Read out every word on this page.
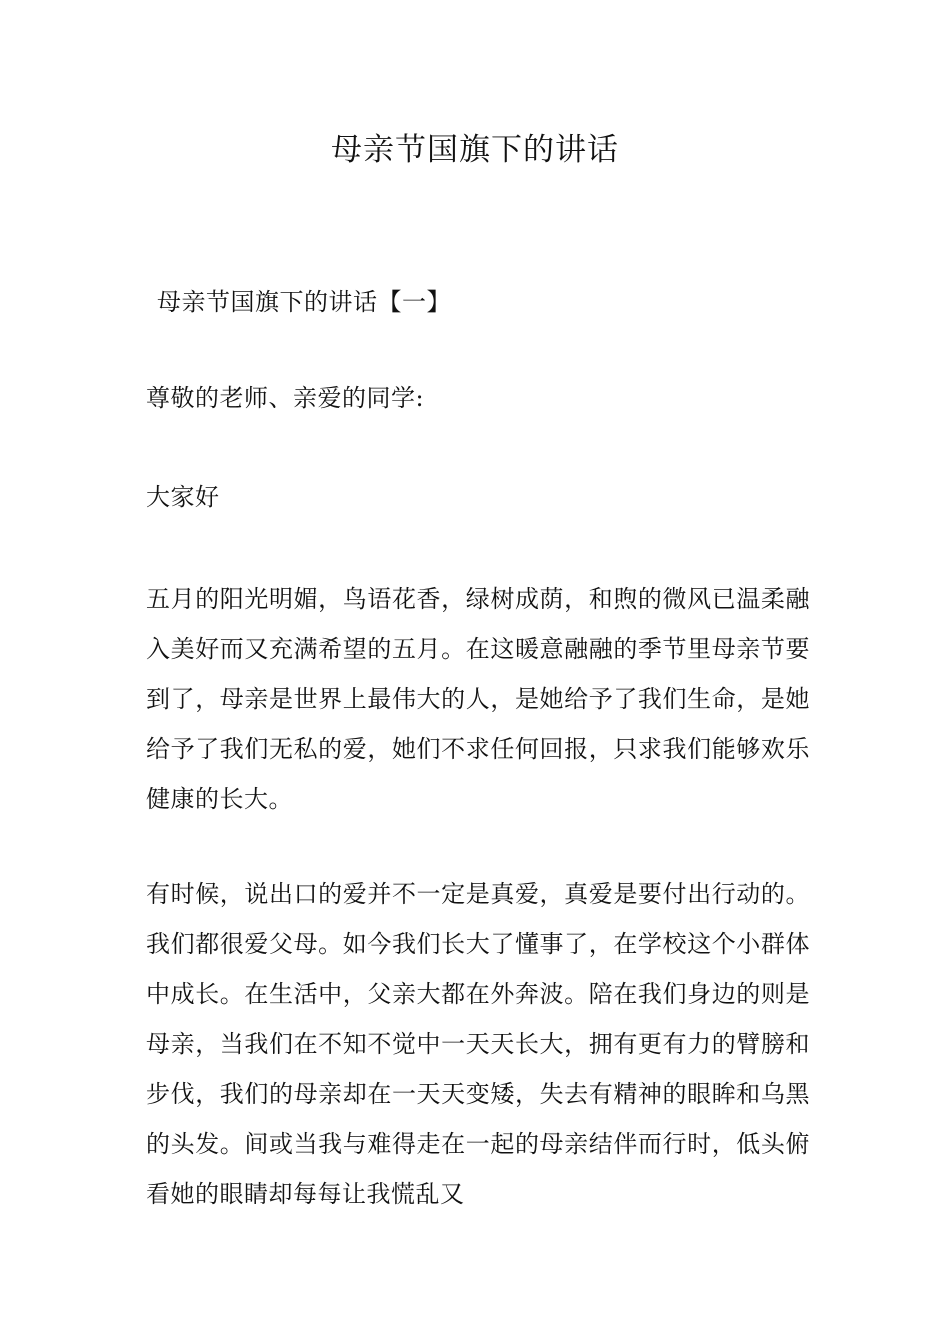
母亲节国旗下的讲话

母亲节国旗下的讲话【一】

尊敬的老师、亲爱的同学:

大家好

五月的阳光明媚，鸟语花香，绿树成荫，和煦的微风已温柔融入美好而又充满希望的五月。在这暖意融融的季节里母亲节要到了，母亲是世界上最伟大的人，是她给予了我们生命，是她给予了我们无私的爱，她们不求任何回报，只求我们能够欢乐健康的长大。

有时候，说出口的爱并不一定是真爱，真爱是要付出行动的。我们都很爱父母。如今我们长大了懂事了，在学校这个小群体中成长。在生活中，父亲大都在外奔波。陪在我们身边的则是母亲，当我们在不知不觉中一天天长大，拥有更有力的臂膀和步伐，我们的母亲却在一天天变矮，失去有精神的眼眸和乌黑的头发。间或当我与难得走在一起的母亲结伴而行时，低头俯看她的眼睛却每每让我慌乱又
